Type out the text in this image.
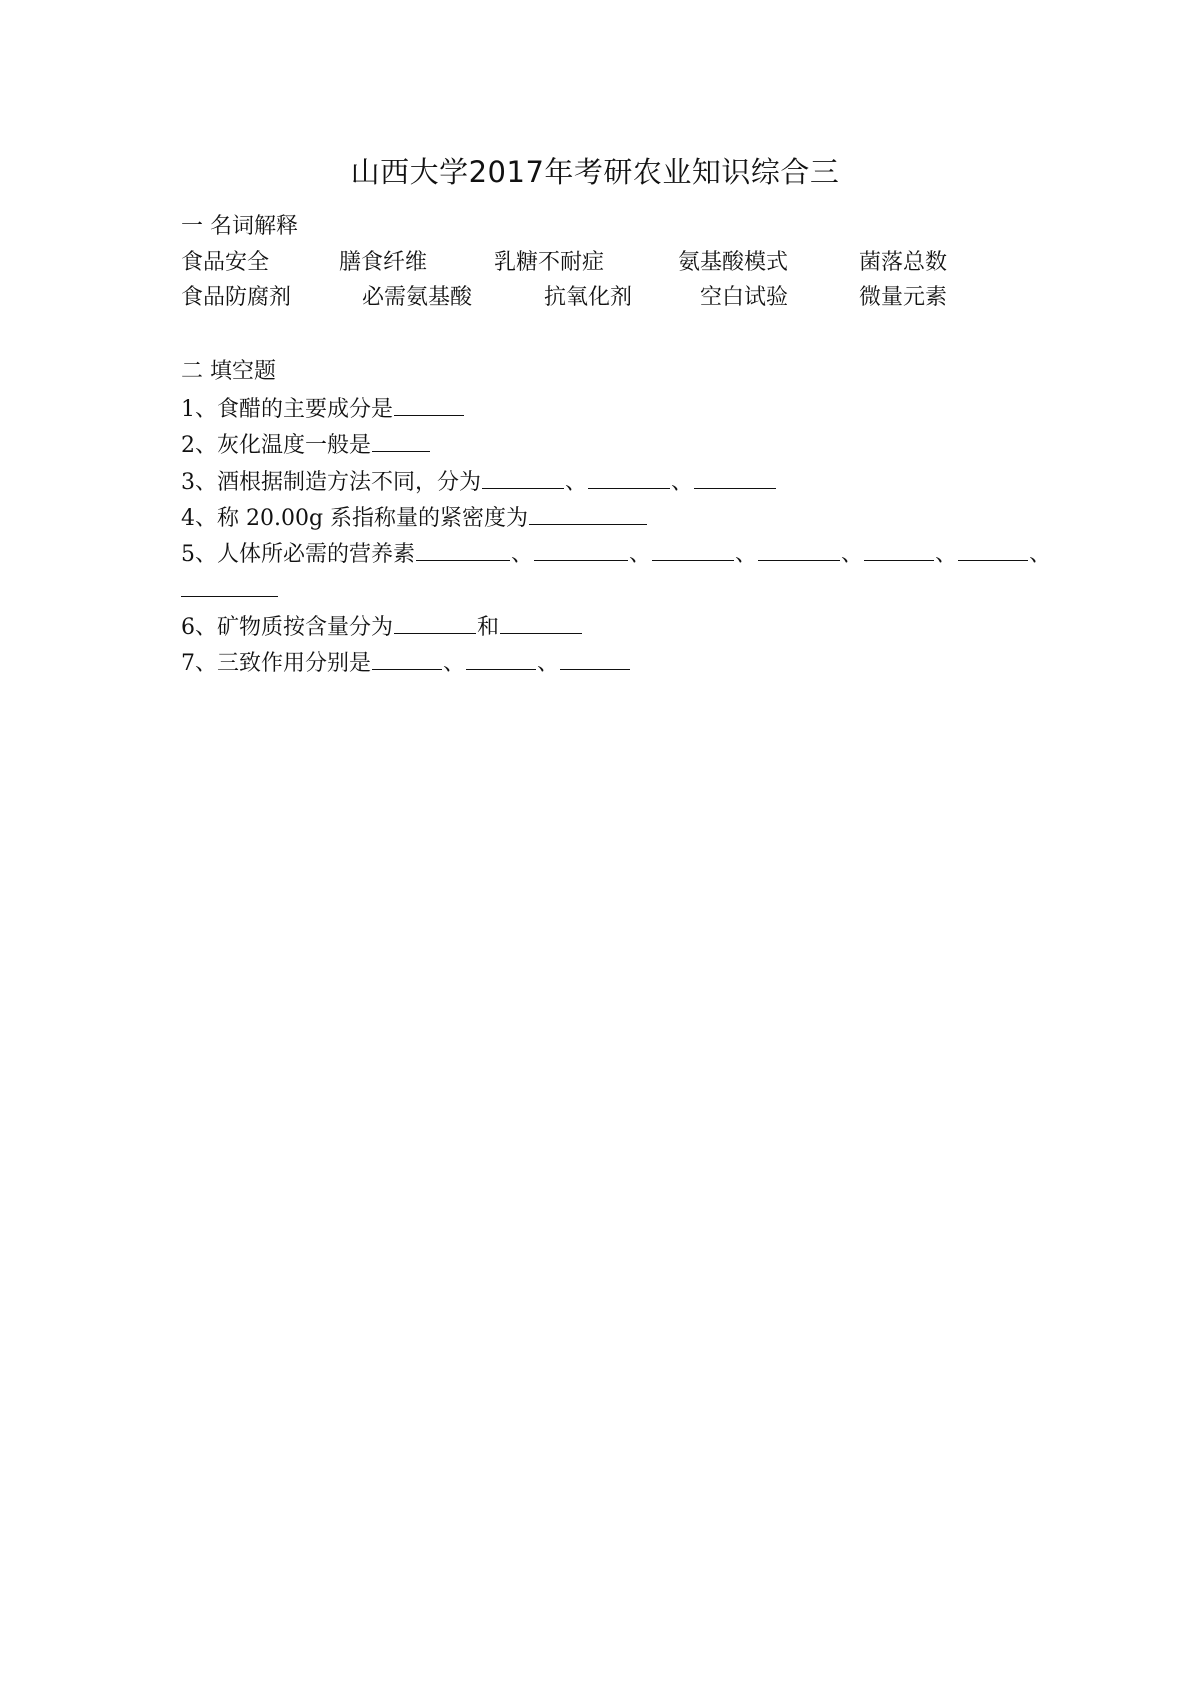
山西大学2017年考研农业知识综合三
一 名词解释
食品安全	膳食纤维	乳糖不耐症	氨基酸模式	菌落总数
食品防腐剂	必需氨基酸	抗氧化剂	空白试验	微量元素
二 填空题
1、食醋的主要成分是
2、灰化温度一般是
3、酒根据制造方法不同，分为	、	、
4、称 20.00g 系指称量的紧密度为
5、人体所必需的营养素	、	、	、	、	、	、
6、矿物质按含量分为	和
7、三致作用分别是	、	、
